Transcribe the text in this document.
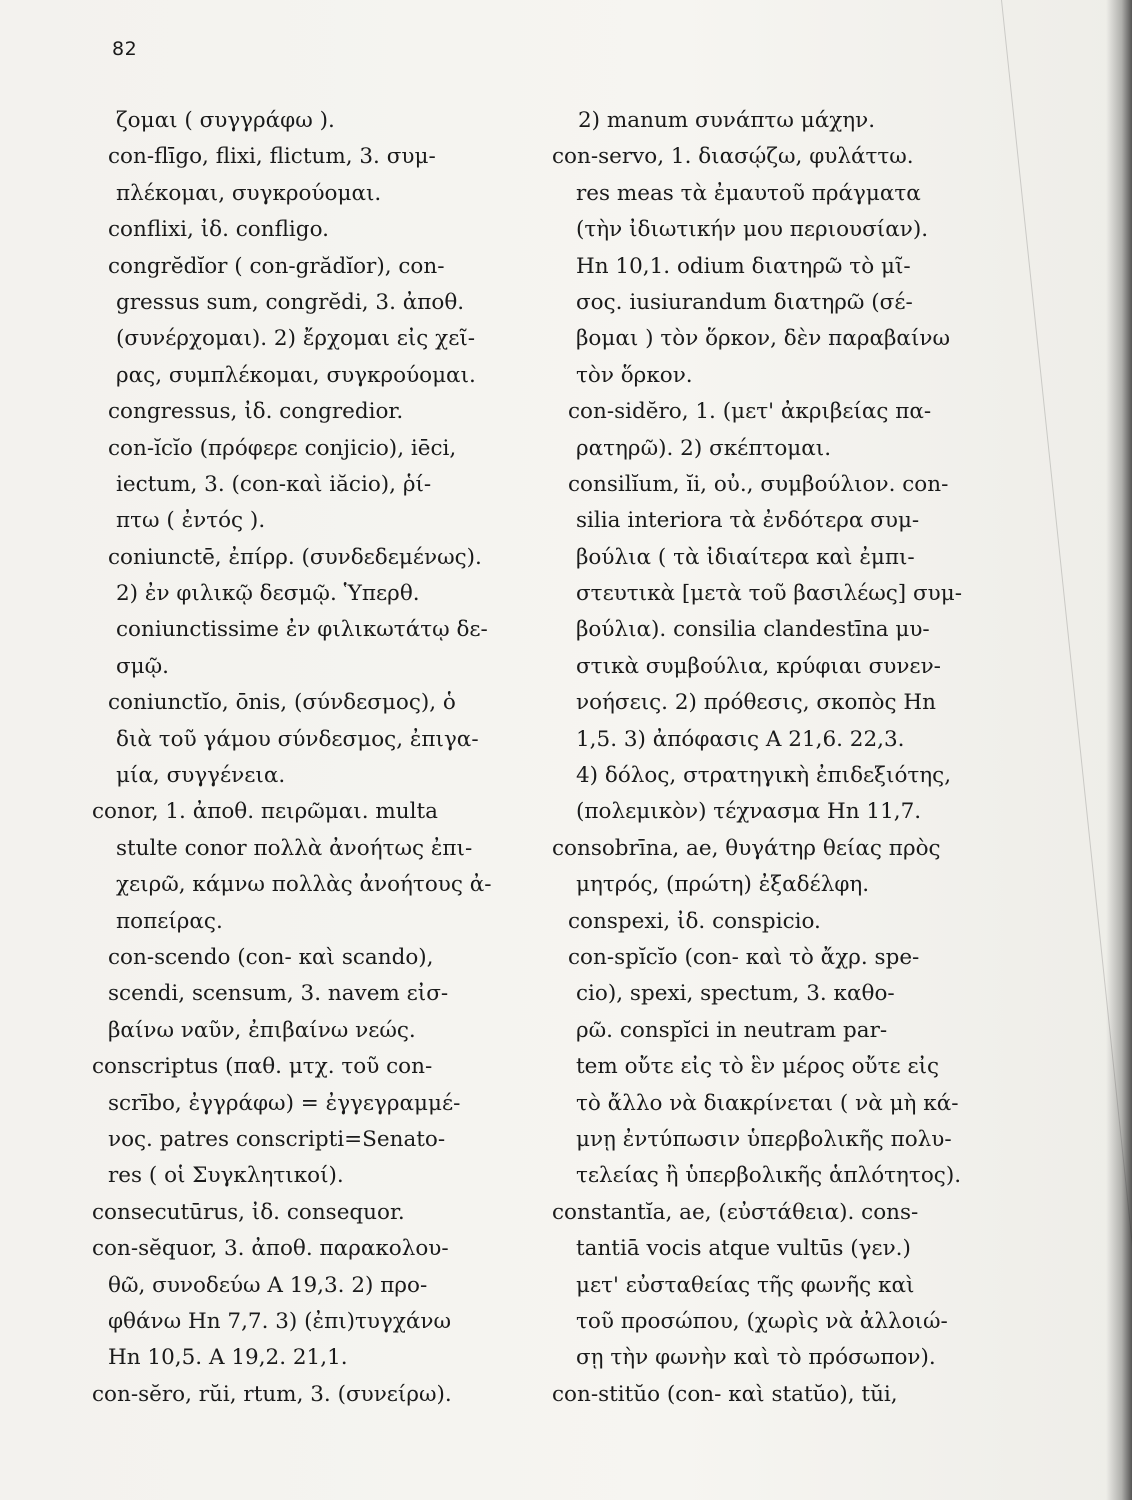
82
ζομαι ( συγγράφω ).
con-flīgo, flixi, flictum, 3. συμ-
πλέκομαι, συγκρούομαι.
conflixi, ἰδ. confligo.
congrĕdĭor ( con-grădĭor), con-
gressus sum, congrĕdi, 3. ἀποθ.
(συνέρχομαι). 2) ἔρχομαι εἰς χεῖ-
ρας, συμπλέκομαι, συγκρούομαι.
congressus, ἰδ. congredior.
con-ĭcĭo (πρόφερε conjicio), iēci,
iectum, 3. (con-καὶ iăcio), ῥί-
πτω ( ἐντός ).
coniunctē, ἐπίρρ. (συνδεδεμένως).
2) ἐν φιλικῷ δεσμῷ. Ὑπερθ.
coniunctissime ἐν φιλικωτάτῳ δε-
σμῷ.
coniunctĭo, ōnis, (σύνδεσμος), ὁ
διὰ τοῦ γάμου σύνδεσμος, ἐπιγα-
μία, συγγένεια.
conor, 1. ἀποθ. πειρῶμαι. multa
stulte conor πολλὰ ἀνοήτως ἐπι-
χειρῶ, κάμνω πολλὰς ἀνοήτους ἀ-
ποπείρας.
con-scendo (con- καὶ scando),
scendi, scensum, 3. navem εἰσ-
βαίνω ναῦν, ἐπιβαίνω νεώς.
conscriptus (παθ. μτχ. τοῦ con-
scrībo, ἐγγράφω) = ἐγγεγραμμέ-
νος. patres conscripti=Senato-
res ( οἱ Συγκλητικοί).
consecutūrus, ἰδ. consequor.
con-sĕquor, 3. ἀποθ. παρακολου-
θῶ, συνοδεύω A 19,3. 2) προ-
φθάνω Hn 7,7. 3) (ἐπι)τυγχάνω
Hn 10,5. A 19,2. 21,1.
con-sĕro, rŭi, rtum, 3. (συνείρω).
2) manum συνάπτω μάχην.
con-servo, 1. διασῴζω, φυλάττω.
res meas τὰ ἐμαυτοῦ πράγματα
(τὴν ἰδιωτικήν μου περιουσίαν).
Hn 10,1. odium διατηρῶ τὸ μῖ-
σος. iusiurandum διατηρῶ (σέ-
βομαι ) τὸν ὅρκον, δὲν παραβαίνω
τὸν ὅρκον.
con-sidĕro, 1. (μετ' ἀκριβείας πα-
ρατηρῶ). 2) σκέπτομαι.
consilĭum, ĭi, οὐ., συμβούλιον. con-
silia interiora τὰ ἐνδότερα συμ-
βούλια ( τὰ ἰδιαίτερα καὶ ἐμπι-
στευτικὰ [μετὰ τοῦ βασιλέως] συμ-
βούλια). consilia clandestīna μυ-
στικὰ συμβούλια, κρύφιαι συνεν-
νοήσεις. 2) πρόθεσις, σκοπὸς Hn
1,5. 3) ἀπόφασις A 21,6. 22,3.
4) δόλος, στρατηγικὴ ἐπιδεξιότης,
(πολεμικὸν) τέχνασμα Hn 11,7.
consobrīna, ae, θυγάτηρ θείας πρὸς
μητρός, (πρώτη) ἐξαδέλφη.
conspexi, ἰδ. conspicio.
con-spĭcĭo (con- καὶ τὸ ἄχρ. spe-
cio), spexi, spectum, 3. καθο-
ρῶ. conspĭci in neutram par-
tem οὔτε εἰς τὸ ἓν μέρος οὔτε εἰς
τὸ ἄλλο νὰ διακρίνεται ( νὰ μὴ κά-
μνῃ ἐντύπωσιν ὑπερβολικῆς πολυ-
τελείας ἢ ὑπερβολικῆς ἁπλότητος).
constantĭa, ae, (εὐστάθεια). cons-
tantiā vocis atque vultūs (γεν.)
μετ' εὐσταθείας τῆς φωνῆς καὶ
τοῦ προσώπου, (χωρὶς νὰ ἀλλοιώ-
σῃ τὴν φωνὴν καὶ τὸ πρόσωπον).
con-stitŭo (con- καὶ statŭo), tŭi,
